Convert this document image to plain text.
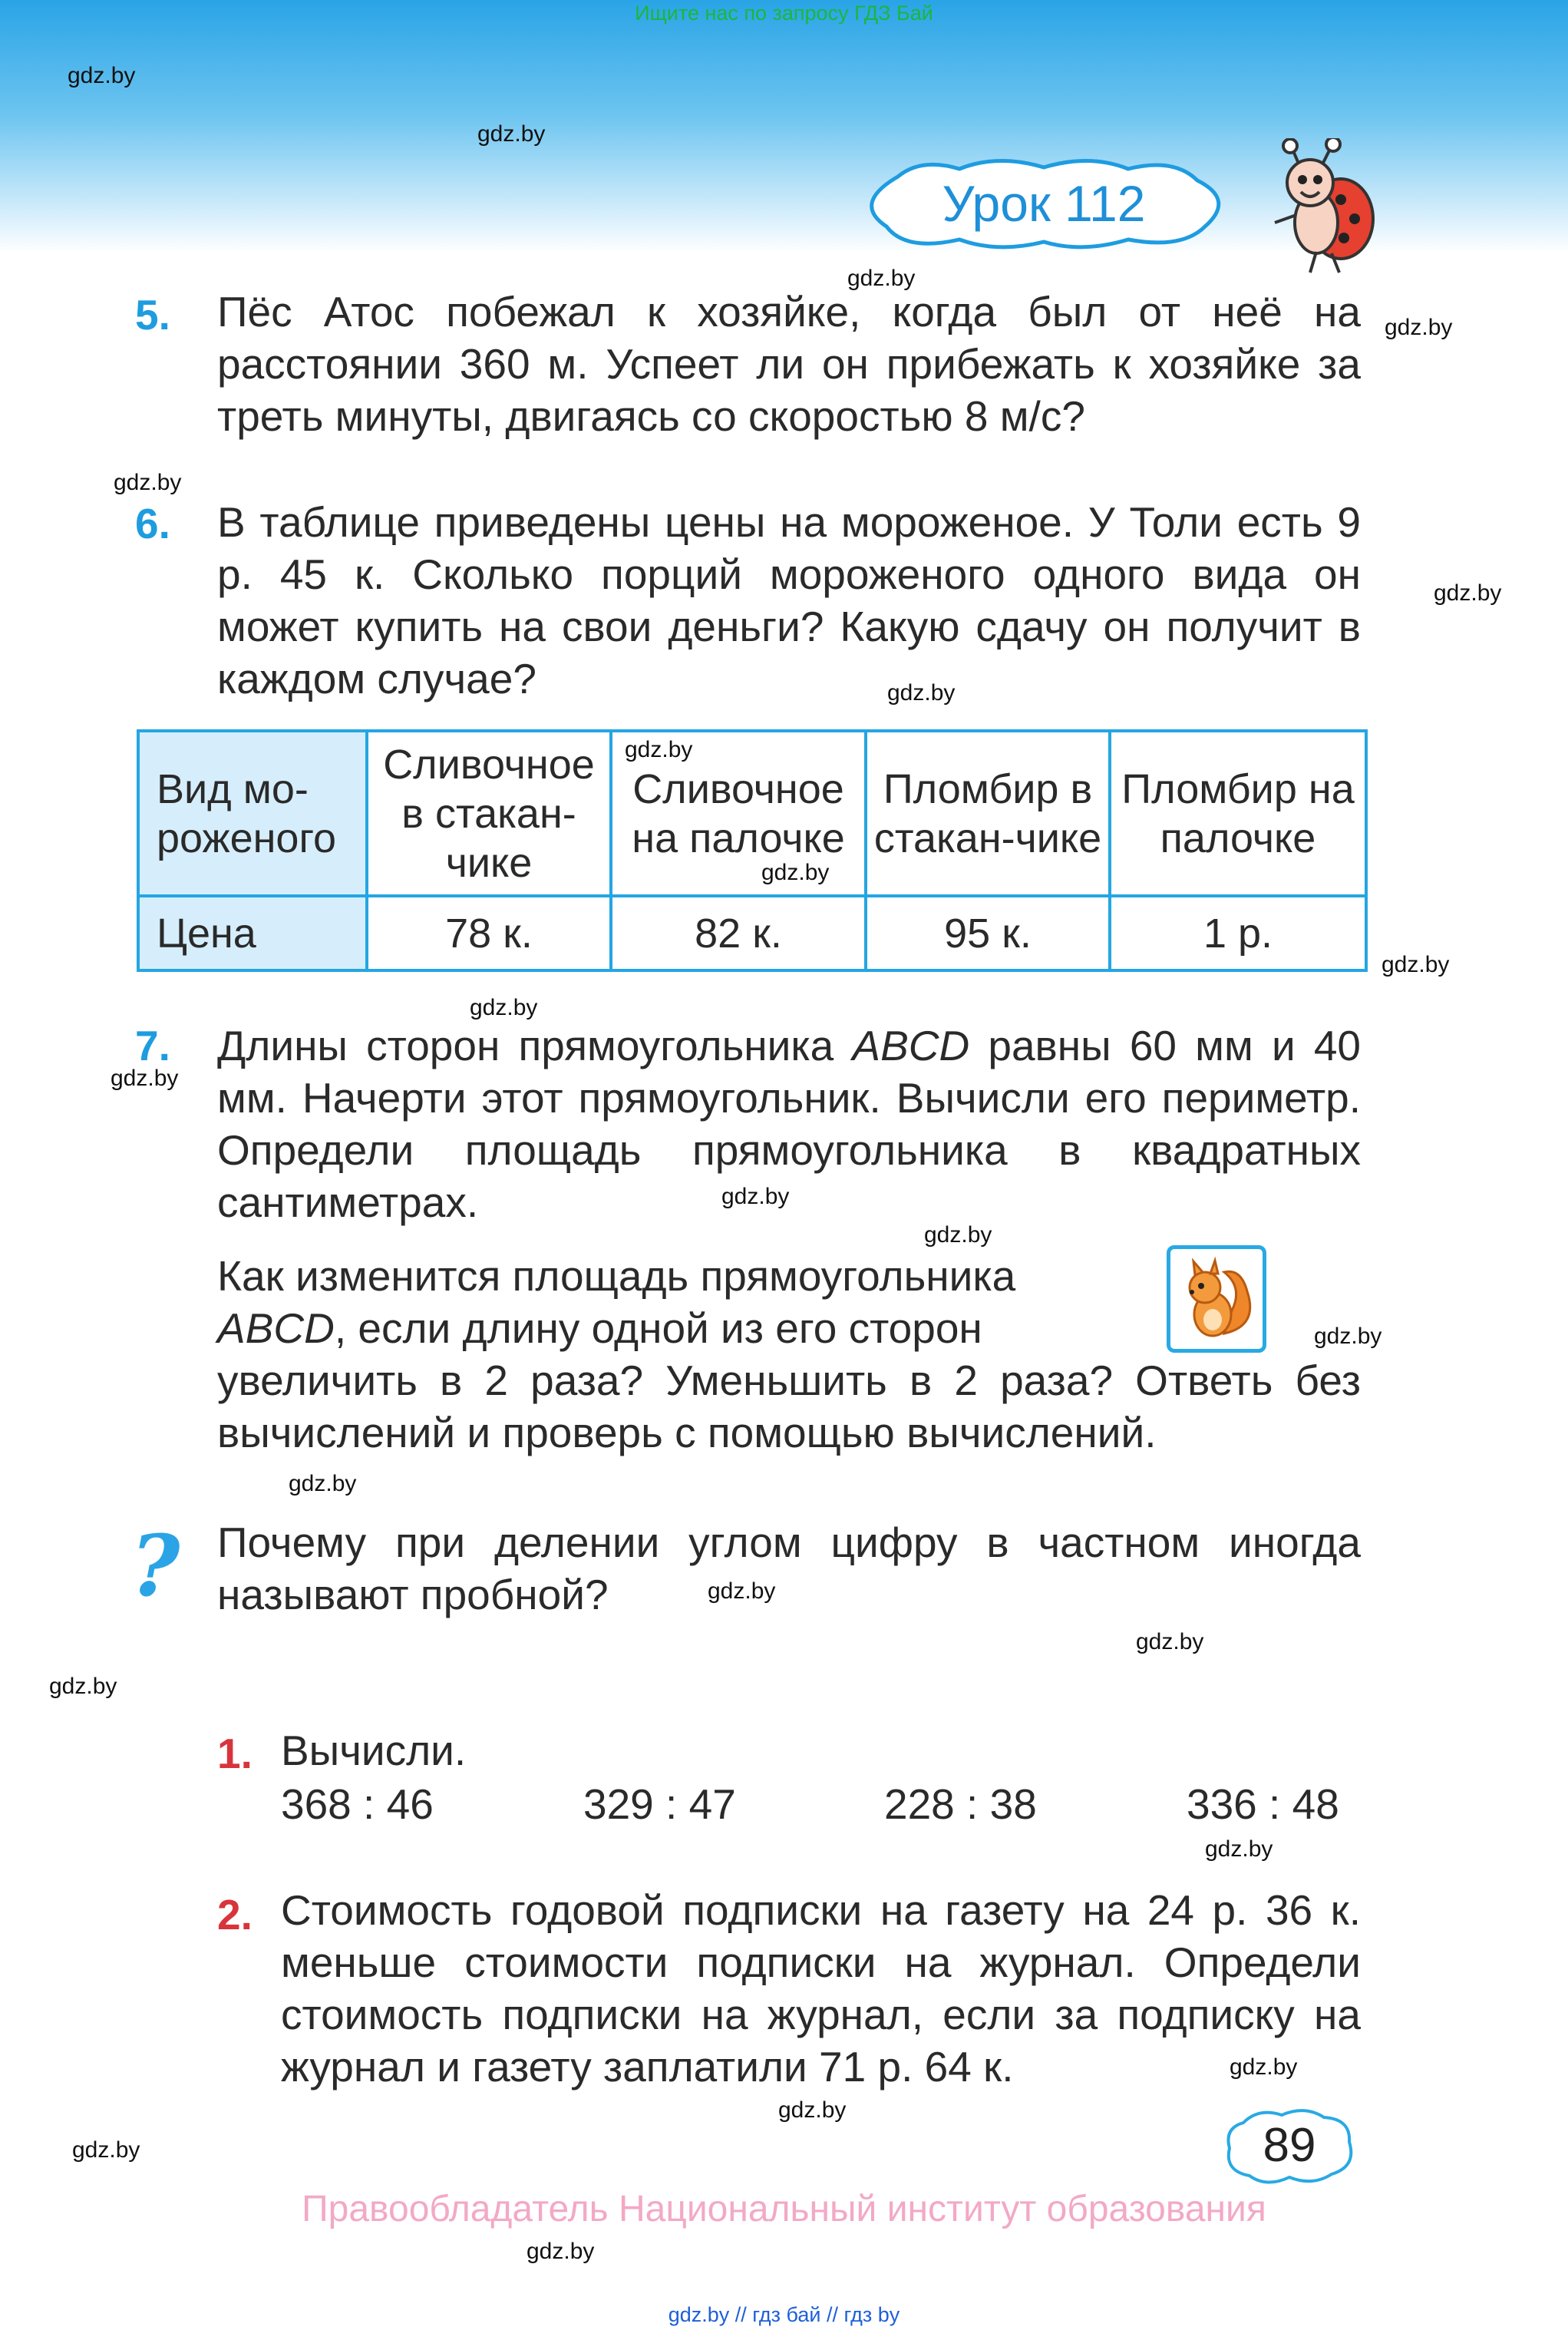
Ищите нас по запросу ГДЗ Бай
Урок 112
gdz.by
gdz.by
gdz.by
gdz.by
gdz.by
gdz.by
gdz.by
gdz.by
gdz.by
gdz.by
gdz.by
gdz.by
gdz.by
gdz.by
gdz.by
gdz.by
gdz.by
gdz.by
gdz.by
gdz.by
gdz.by
gdz.by
gdz.by
gdz.by
5. Пёс Атос побежал к хозяйке, когда был от неё на расстоянии 360 м. Успеет ли он прибежать к хозяйке за треть минуты, двигаясь со скоростью 8 м/с?
6. В таблице приведены цены на мороженое. У Толи есть 9 р. 45 к. Сколько порций мороженого одного вида он может купить на свои деньги? Какую сдачу он получит в каждом случае?
Вид мо-роженого	Сливочное в стакан-чике	Сливочное на палочке	Пломбир в стакан-чике	Пломбир на палочке
Цена	78 к.	82 к.	95 к.	1 р.
7. Длины сторон прямоугольника ABCD равны 60 мм и 40 мм. Начерти этот прямоугольник. Вычисли его периметр. Определи площадь прямоугольника в квадратных сантиметрах.
Как изменится площадь прямоугольника
ABCD, если длину одной из его сторон
увеличить в 2 раза? Уменьшить в 2 раза? Ответь без вычислений и проверь с помощью вычислений.
? Почему при делении углом цифру в частном иногда называют пробной?
1. Вычисли.
368 : 46	329 : 47	228 : 38	336 : 48
2. Стоимость годовой подписки на газету на 24 р. 36 к. меньше стоимости подписки на журнал. Определи стоимость подписки на журнал, если за подписку на журнал и газету заплатили 71 р. 64 к.
89
Правообладатель Национальный институт образования
gdz.by // гдз бай // гдз by
